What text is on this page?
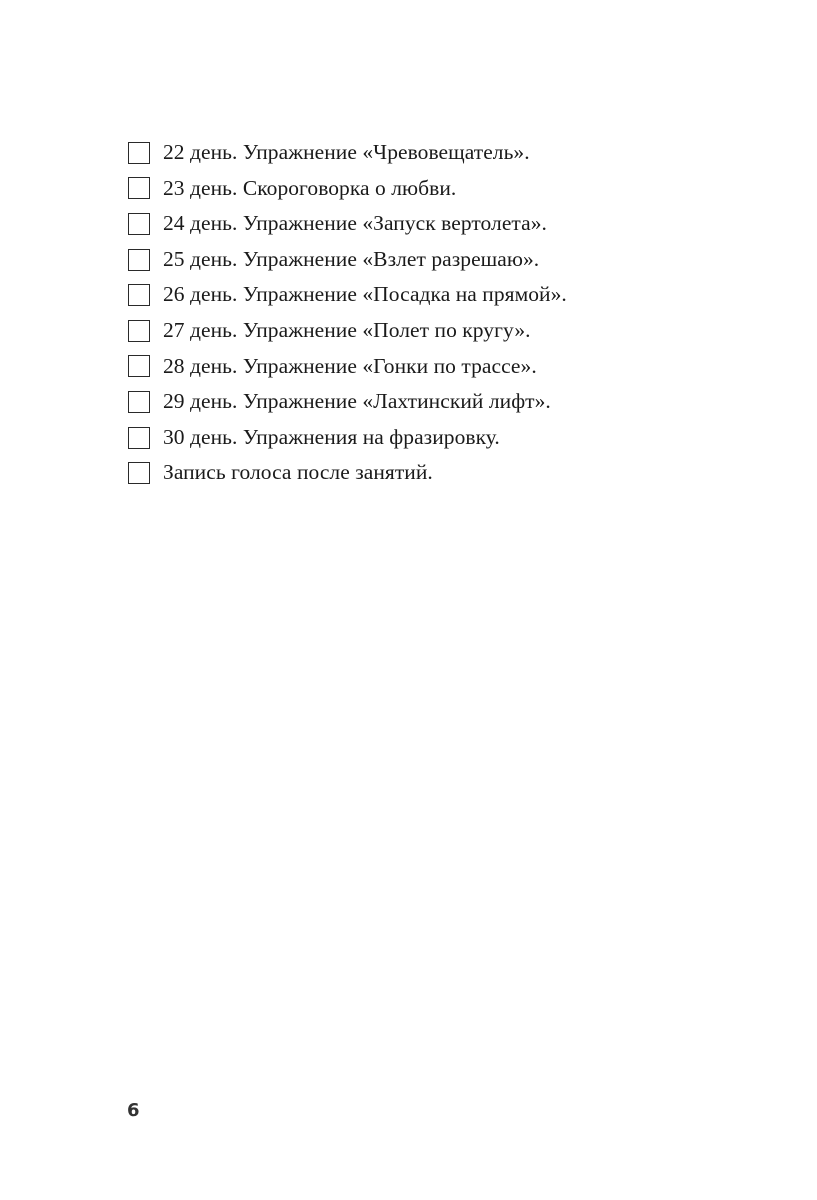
22 день. Упражнение «Чревовещатель».
23 день. Скороговорка о любви.
24 день. Упражнение «Запуск вертолета».
25 день. Упражнение «Взлет разрешаю».
26 день. Упражнение «Посадка на прямой».
27 день. Упражнение «Полет по кругу».
28 день. Упражнение «Гонки по трассе».
29 день. Упражнение «Лахтинский лифт».
30 день. Упражнения на фразировку.
Запись голоса после занятий.
6
